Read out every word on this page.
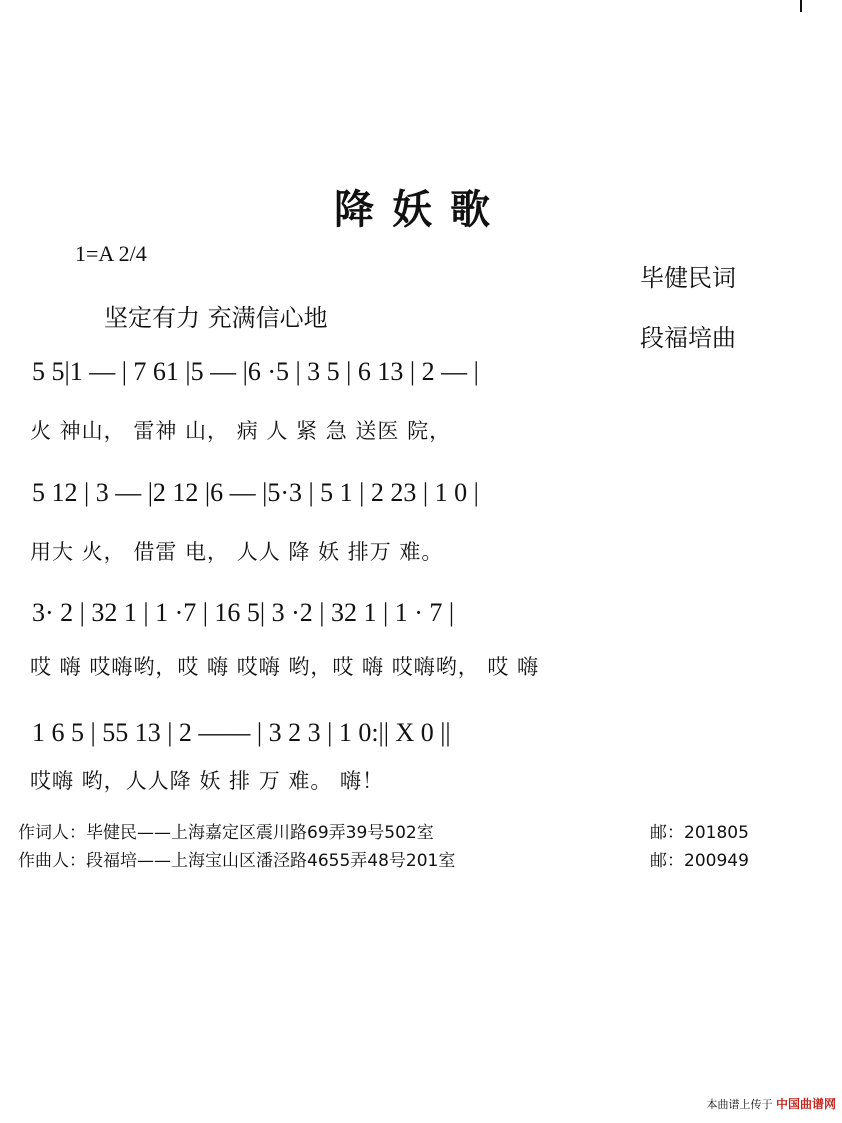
降妖歌
1=A 2/4
坚定有力 充满信心地
毕健民词
段福培曲
5 5|1 — | 7 61 |5 — |6 ·5 | 3 5 | 6 13 | 2 — |
火 神山， 雷神 山， 病 人 紧 急 送医 院，
5 12 | 3 — |2 12 |6 — |5·3 | 5 1 | 2 23 | 1 0 |
用大 火， 借雷 电， 人人 降 妖 排万 难。
3· 2 | 32 1 | 1 ·7 | 16 5| 3 ·2 | 32 1 | 1 · 7 |
哎 嗨 哎嗨哟，哎 嗨 哎嗨 哟，哎 嗨 哎嗨哟， 哎 嗨
1 6 5 | 55 13 | 2 —— | 3 2 3 | 1 0:|| X 0 ||
哎嗨 哟，人人降 妖 排 万 难。 嗨！
作词人：毕健民——上海嘉定区震川路69弄39号502室	邮：201805
作曲人：段福培——上海宝山区潘泾路4655弄48号201室	邮：200949
本曲谱上传于 中国曲谱网
